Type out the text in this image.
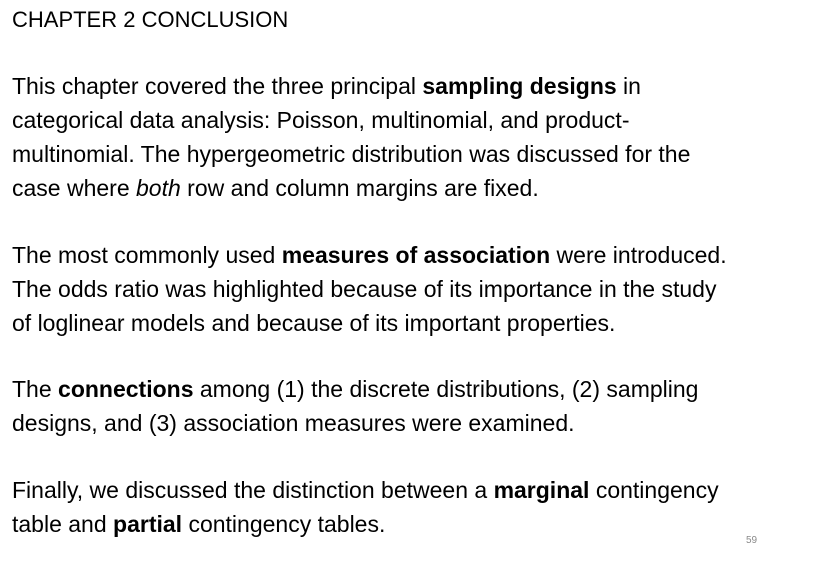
CHAPTER 2 CONCLUSION
This chapter covered the three principal sampling designs in
categorical data analysis: Poisson, multinomial, and product-
multinomial. The hypergeometric distribution was discussed for the
case where both row and column margins are fixed.
The most commonly used measures of association were introduced.
The odds ratio was highlighted because of its importance in the study
of loglinear models and because of its important properties.
The connections among (1) the discrete distributions, (2) sampling
designs, and (3) association measures were examined.
Finally, we discussed the distinction between a marginal contingency
table and partial contingency tables.
59
